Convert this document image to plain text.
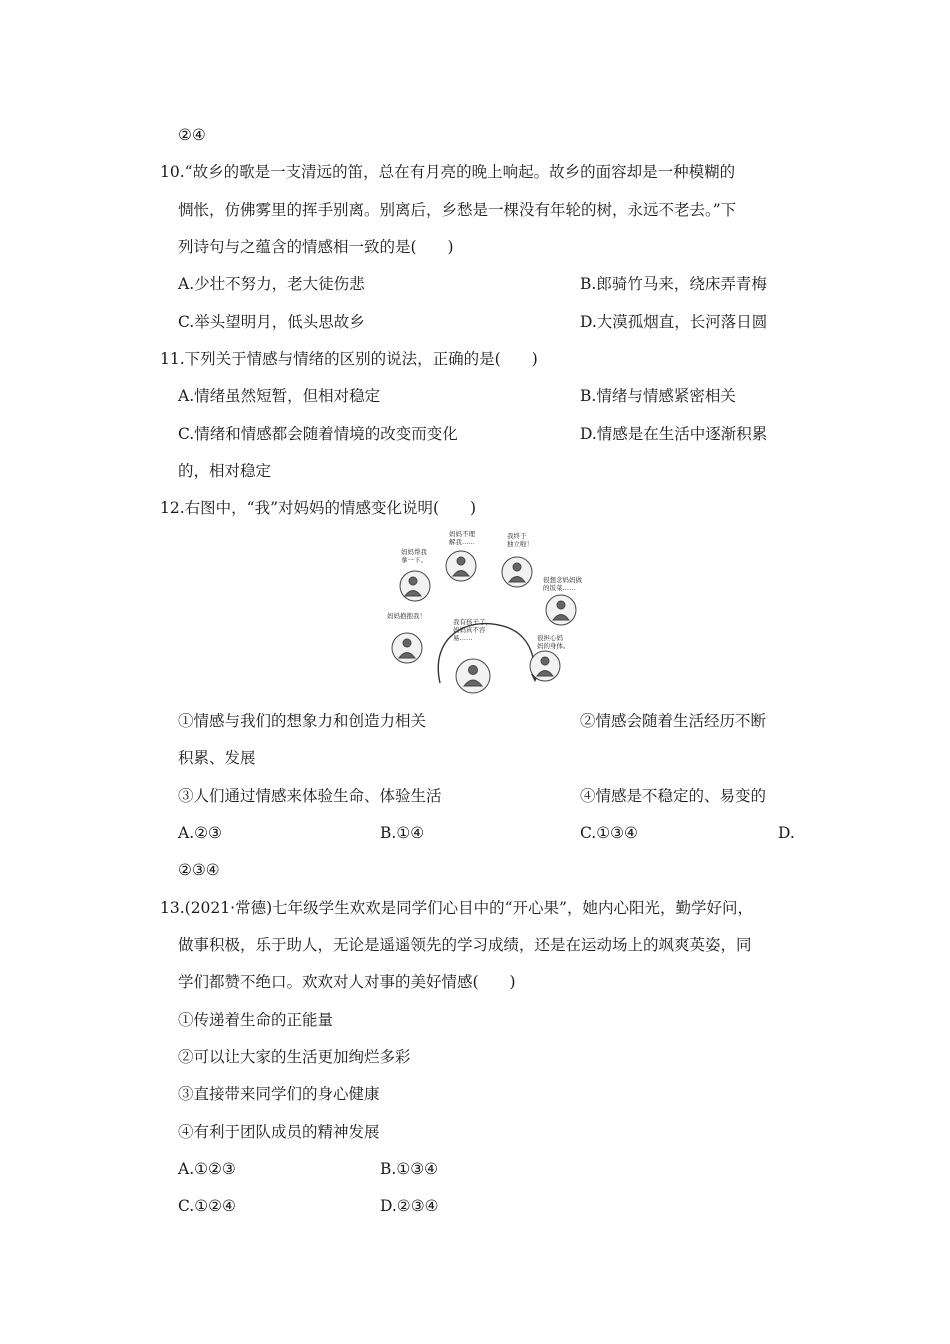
②④
10.“故乡的歌是一支清远的笛，总在有月亮的晚上响起。故乡的面容却是一种模糊的
惆怅，仿佛雾里的挥手别离。别离后，乡愁是一棵没有年轮的树，永远不老去。”下
列诗句与之蕴含的情感相一致的是(　　)
A.少壮不努力，老大徒伤悲	B.郎骑竹马来，绕床弄青梅
C.举头望明月，低头思故乡	D.大漠孤烟直，长河落日圆
11.下列关于情感与情绪的区别的说法，正确的是(　　)
A.情绪虽然短暂，但相对稳定	B.情绪与情感紧密相关
C.情绪和情感都会随着情境的改变而变化	D.情感是在生活中逐渐积累
的，相对稳定
12.右图中，“我”对妈妈的情感变化说明(　　)
妈妈帮我拿一下。
妈妈不理解我……
我终于独立啦！
很想念妈妈做的饭菜……
妈妈抱抱我！
我有孩子了，妈妈真不容易……	很担心妈妈的身体。
①情感与我们的想象力和创造力相关	②情感会随着生活经历不断
积累、发展
③人们通过情感来体验生命、体验生活	④情感是不稳定的、易变的
A.②③	B.①④	C.①③④	D.
②③④
13.(2021·常德)七年级学生欢欢是同学们心目中的“开心果”，她内心阳光，勤学好问，
做事积极，乐于助人，无论是遥遥领先的学习成绩，还是在运动场上的飒爽英姿，同
学们都赞不绝口。欢欢对人对事的美好情感(　　)
①传递着生命的正能量
②可以让大家的生活更加绚烂多彩
③直接带来同学们的身心健康
④有利于团队成员的精神发展
A.①②③	B.①③④
C.①②④	D.②③④
